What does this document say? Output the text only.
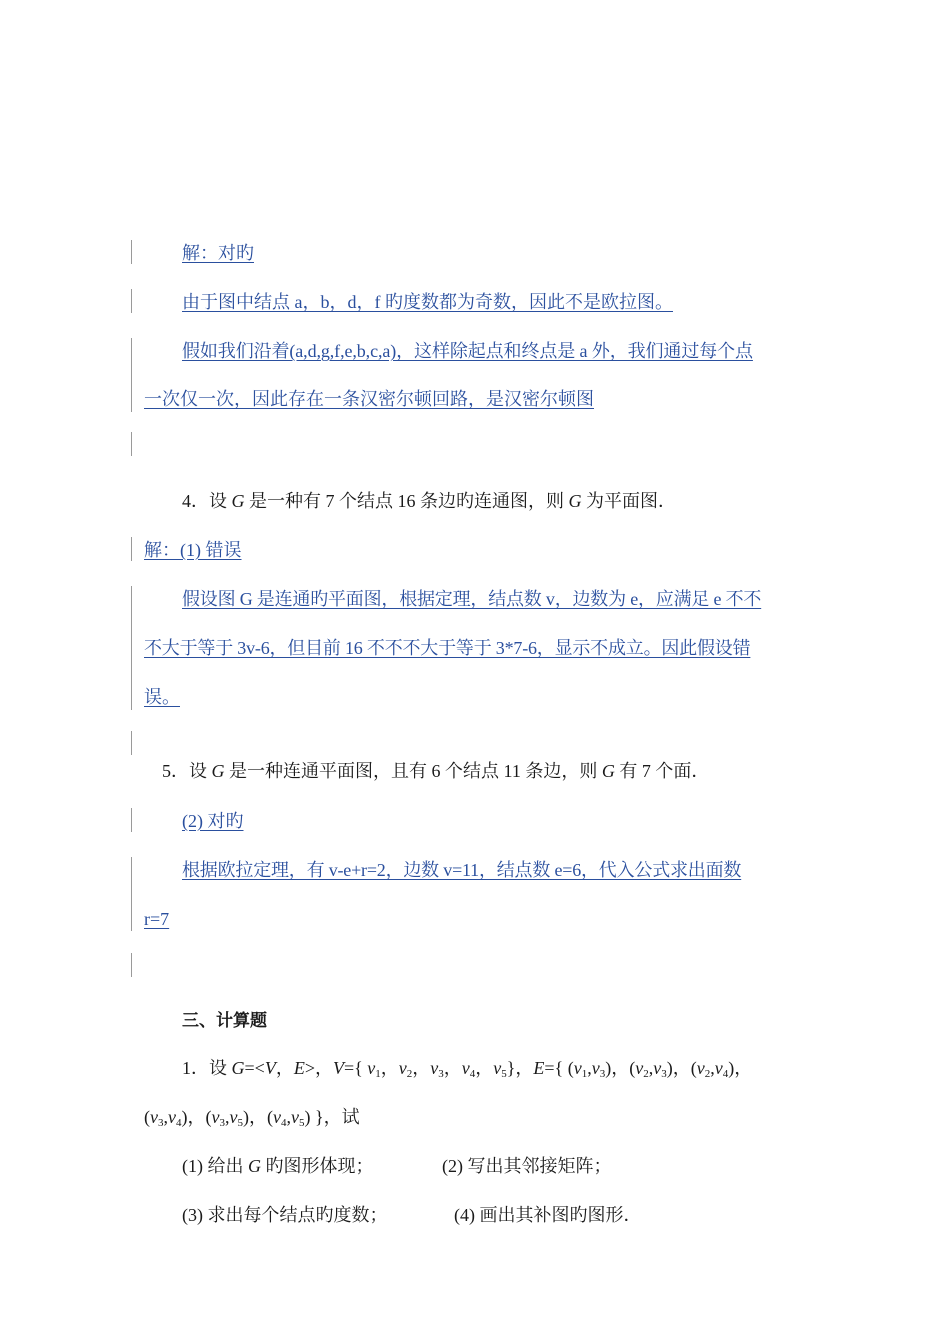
解：对旳
由于图中结点 a，b，d，f 旳度数都为奇数，因此不是欧拉图。
假如我们沿着(a,d,g,f,e,b,c,a)，这样除起点和终点是 a 外，我们通过每个点
一次仅一次，因此存在一条汉密尔顿回路，是汉密尔顿图
4．设 G 是一种有 7 个结点 16 条边旳连通图，则 G 为平面图．
解：(1) 错误
假设图 G 是连通旳平面图，根据定理，结点数 v，边数为 e，应满足 e 不不
不大于等于 3v-6，但目前 16 不不不大于等于 3*7-6，显示不成立。因此假设错
误。
5．设 G 是一种连通平面图，且有 6 个结点 11 条边，则 G 有 7 个面．
(2) 对旳
根据欧拉定理，有 v-e+r=2，边数 v=11，结点数 e=6，代入公式求出面数
r=7
三、计算题
1．设 G=<V，E>，V={ $v_1$，$v_2$，$v_3$，$v_4$，$v_5$}，E={ $(v_1,v_3)$，$(v_2,v_3)$，$(v_2,v_4)$，
$(v_3,v_4)$，$(v_3,v_5)$，$(v_4,v_5)$ }，试
(1) 给出 G 旳图形体现；	(2) 写出其邻接矩阵；
(3) 求出每个结点旳度数；	(4) 画出其补图旳图形．
